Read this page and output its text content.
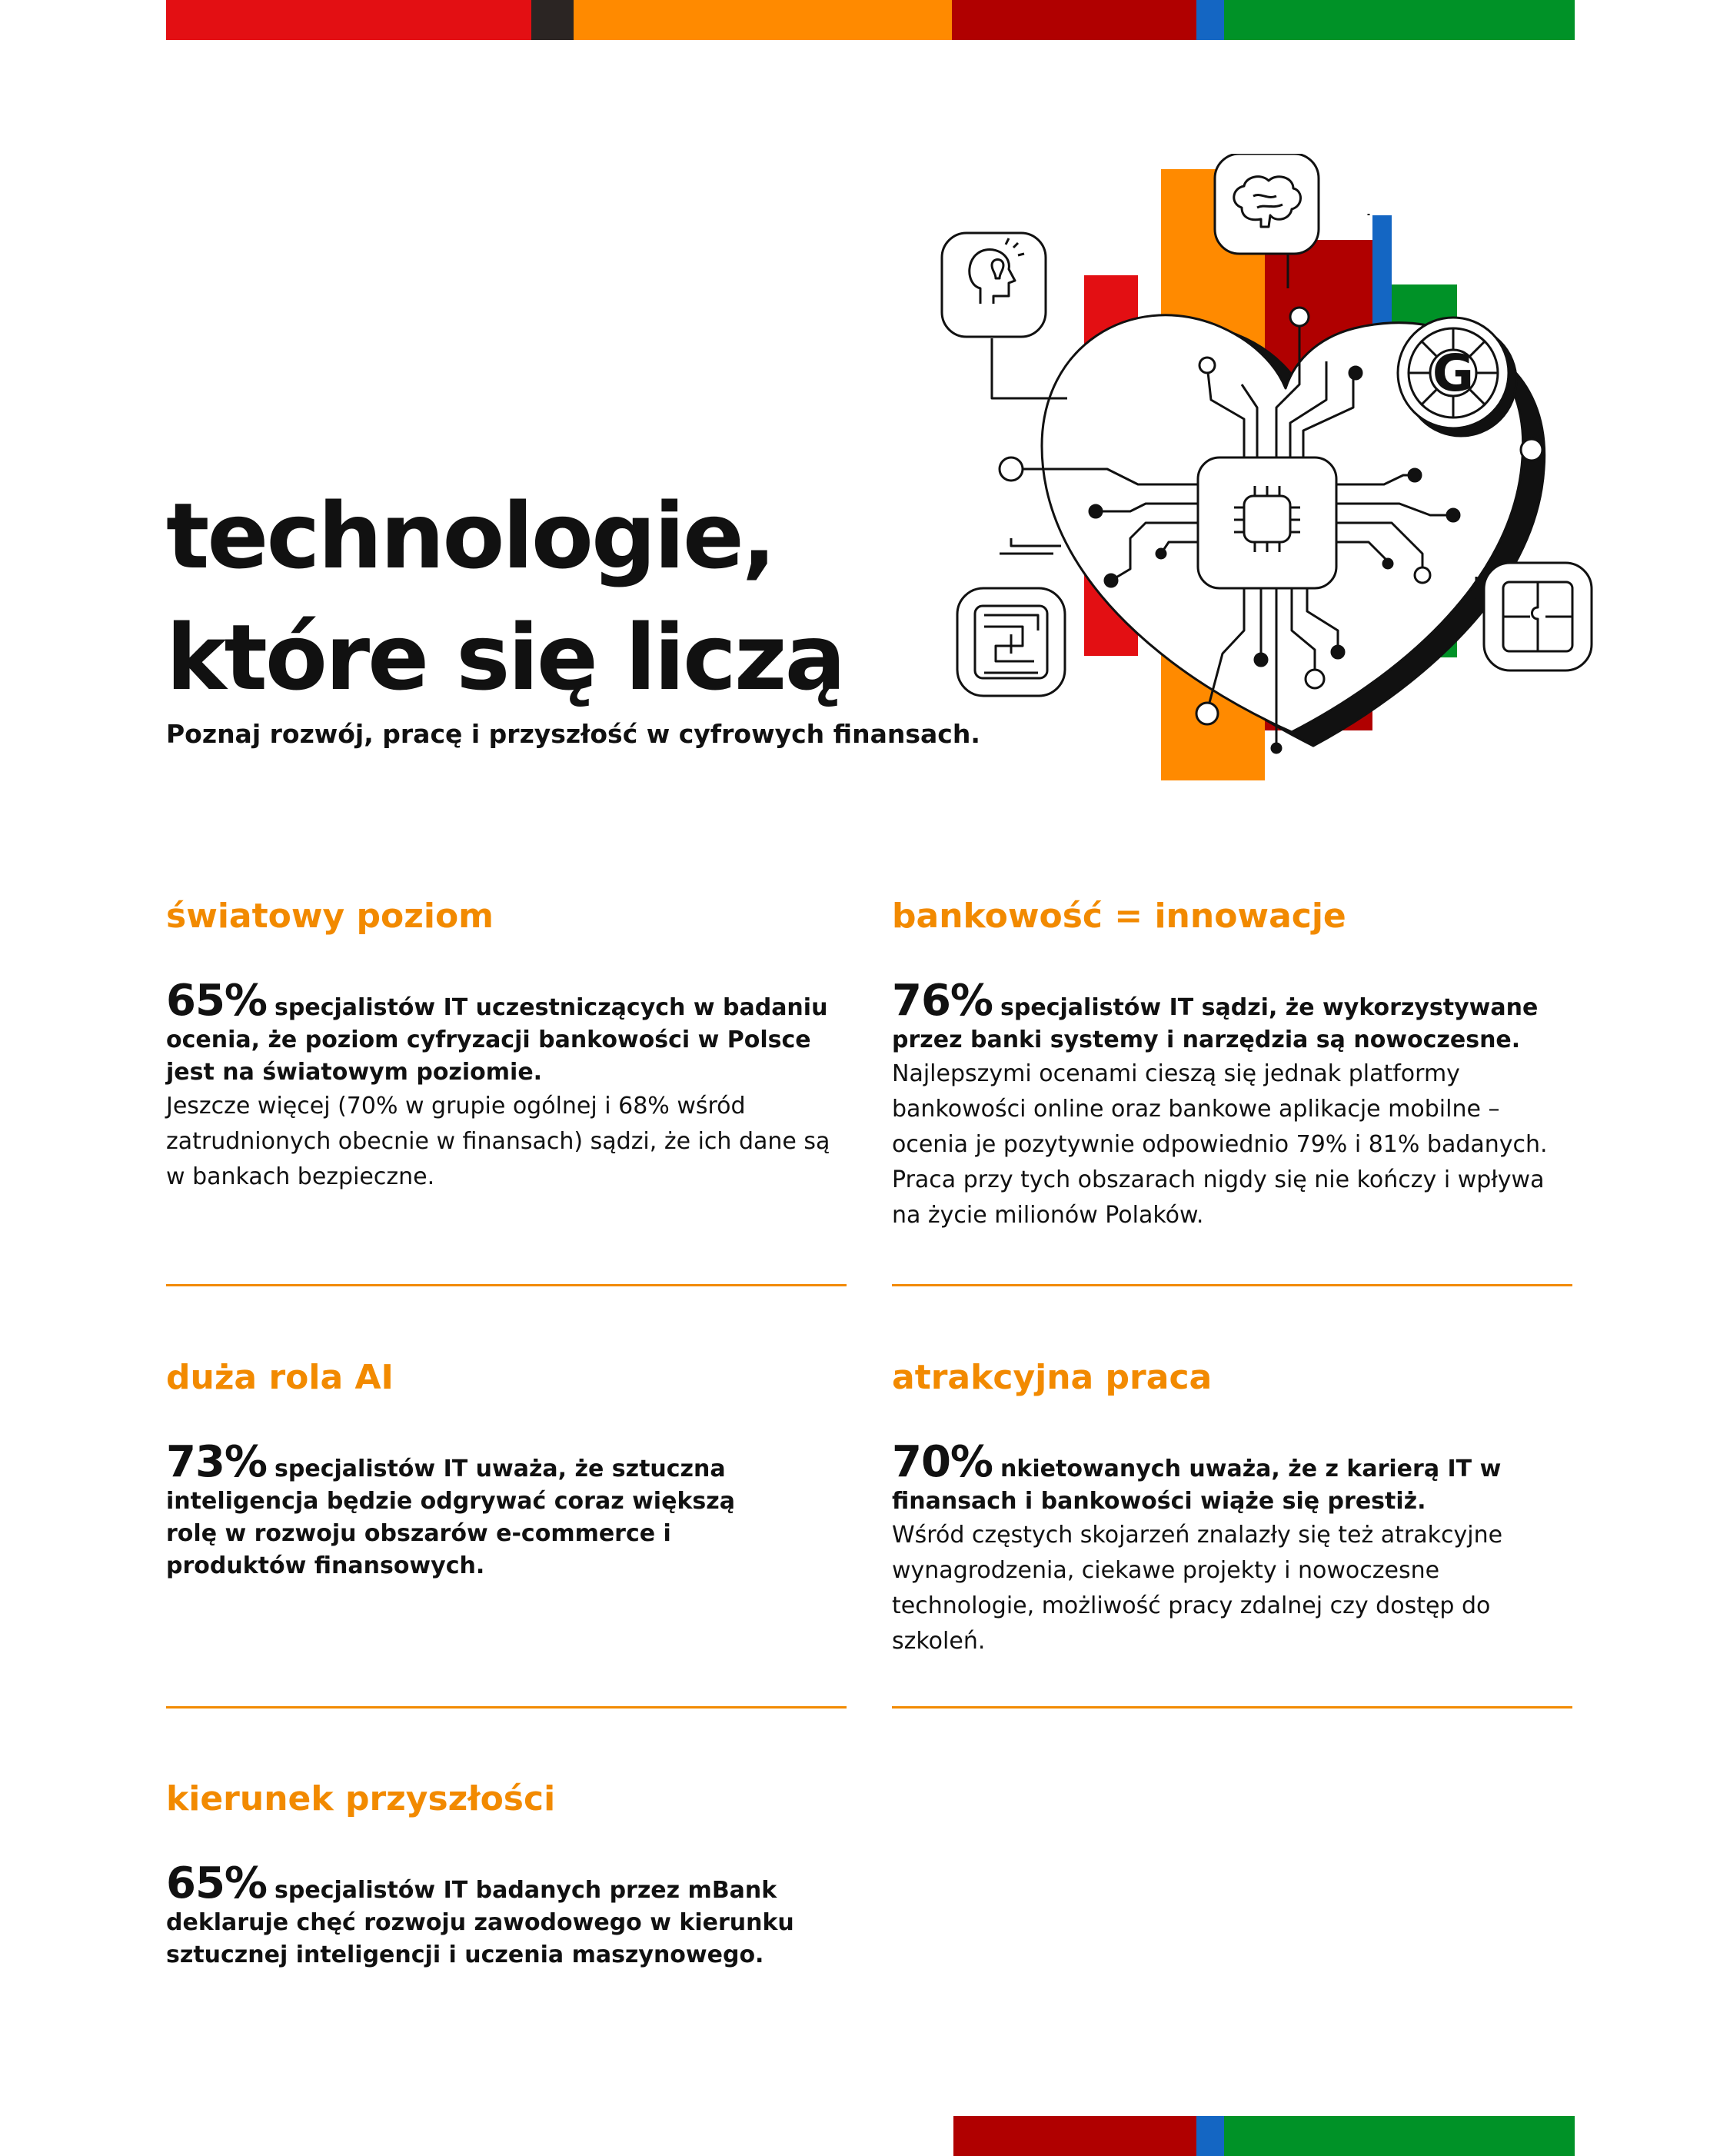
technologie,
które się liczą

Poznaj rozwój, pracę i przyszłość w cyfrowych finansach.

G
światowy poziom

65% specjalistów IT uczestniczących w badaniu ocenia, że poziom cyfryzacji bankowości w Polsce jest na światowym poziomie.

Jeszcze więcej (70% w grupie ogólnej i 68% wśród zatrudnionych obecnie w finansach) sądzi, że ich dane są w bankach bezpieczne.

bankowość = innowacje

76% specjalistów IT sądzi, że wykorzystywane przez banki systemy i narzędzia są nowoczesne.

Najlepszymi ocenami cieszą się jednak platformy bankowości online oraz bankowe aplikacje mobilne – ocenia je pozytywnie odpowiednio 79% i 81% badanych. Praca przy tych obszarach nigdy się nie kończy i wpływa na życie milionów Polaków.

duża rola AI

73% specjalistów IT uważa, że sztuczna inteligencja będzie odgrywać coraz większą rolę w rozwoju obszarów e-commerce i produktów finansowych.

atrakcyjna praca

70% nkietowanych uważa, że z karierą IT w finansach i bankowości wiąże się prestiż.

Wśród częstych skojarzeń znalazły się też atrakcyjne wynagrodzenia, ciekawe projekty i nowoczesne technologie, możliwość pracy zdalnej czy dostęp do szkoleń.

kierunek przyszłości

65% specjalistów IT badanych przez mBank deklaruje chęć rozwoju zawodowego w kierunku sztucznej inteligencji i uczenia maszynowego.
